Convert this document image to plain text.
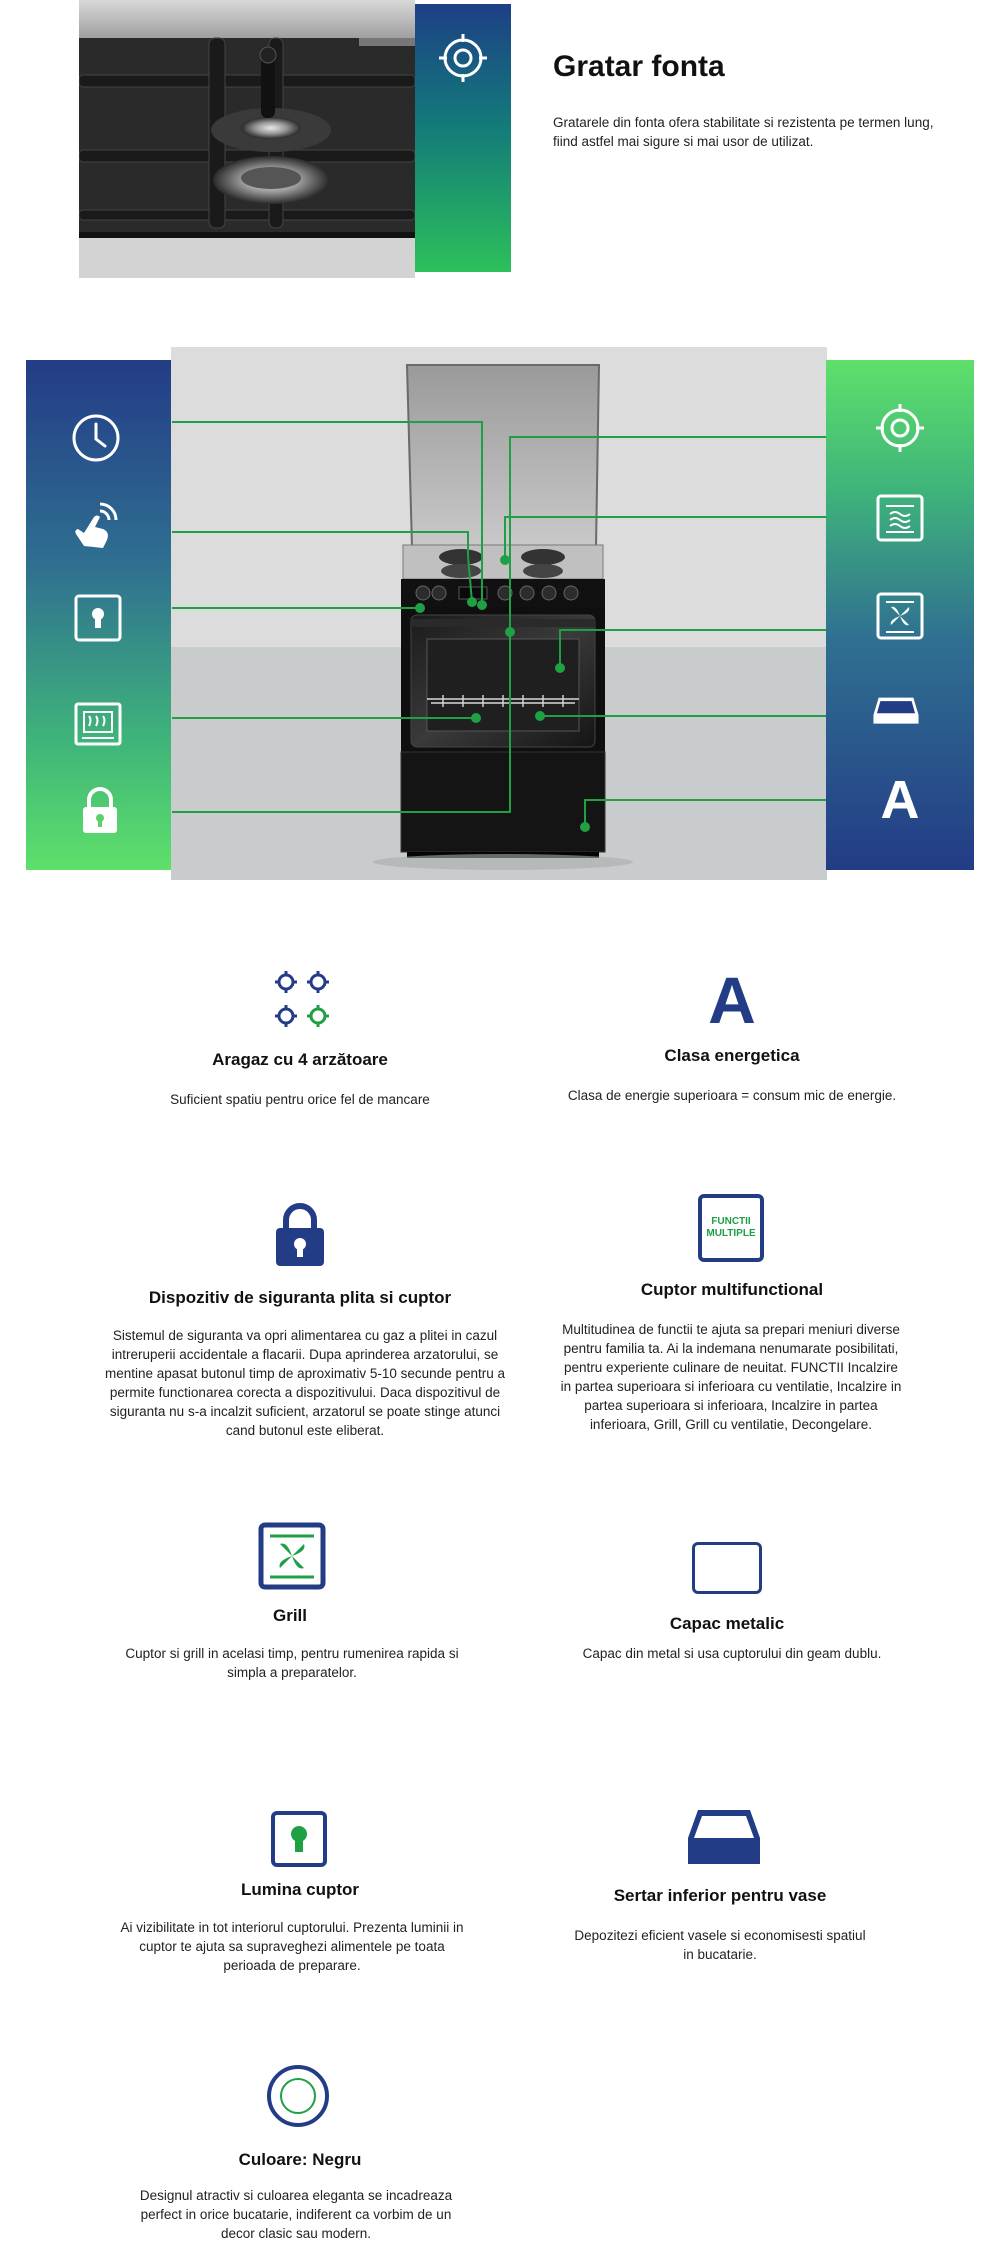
Gratar fonta
Gratarele din fonta ofera stabilitate si rezistenta pe termen lung, fiind astfel mai sigure si mai usor de utilizat.
A
Aragaz cu 4 arzătoare
Suficient spatiu pentru orice fel de mancare
A
Clasa energetica
Clasa de energie superioara = consum mic de energie.
Dispozitiv de siguranta plita si cuptor
Sistemul de siguranta va opri alimentarea cu gaz a plitei in cazul intreruperii accidentale a flacarii. Dupa aprinderea arzatorului, se mentine apasat butonul timp de aproximativ 5-10 secunde pentru a permite functionarea corecta a dispozitivului. Daca dispozitivul de siguranta nu s-a incalzit suficient, arzatorul se poate stinge atunci cand butonul este eliberat.
FUNCTII
MULTIPLE
Cuptor multifunctional
Multitudinea de functii te ajuta sa prepari meniuri diverse pentru familia ta. Ai la indemana nenumarate posibilitati, pentru experiente culinare de neuitat. FUNCTII Incalzire in partea superioara si inferioara cu ventilatie, Incalzire in partea superioara si inferioara, Incalzire in partea inferioara, Grill, Grill cu ventilatie, Decongelare.
Grill
Cuptor si grill in acelasi timp, pentru rumenirea rapida si simpla a preparatelor.
Capac metalic
Capac din metal si usa cuptorului din geam dublu.
Lumina cuptor
Ai vizibilitate in tot interiorul cuptorului. Prezenta luminii in cuptor te ajuta sa supraveghezi alimentele pe toata perioada de preparare.
Sertar inferior pentru vase
Depozitezi eficient vasele si economisesti spatiul in bucatarie.
Culoare: Negru
Designul atractiv si culoarea eleganta se incadreaza perfect in orice bucatarie, indiferent ca vorbim de un decor clasic sau modern.
